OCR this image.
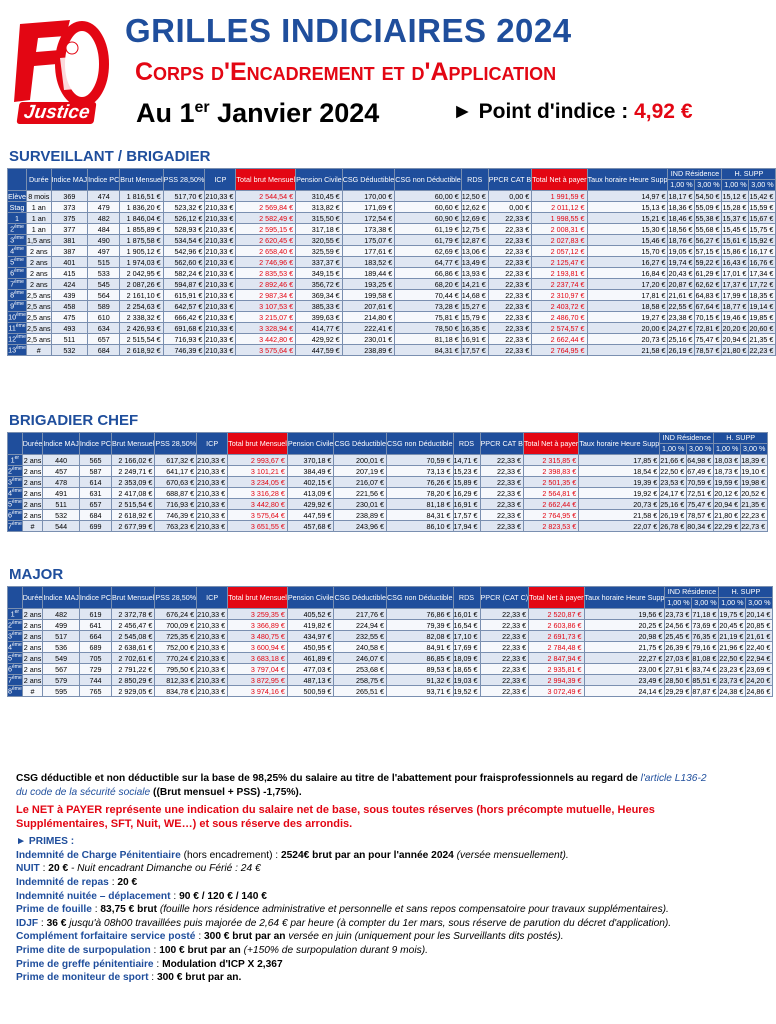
Justice
GRILLES INDICIAIRES 2024
Corps d'Encadrement et d'Application
Au 1er Janvier 2024	► Point d'indice : 4,92 €
SURVEILLANT / BRIGADIER
	Durée	Indice MAJ	Indice PC	Brut Mensuel	PSS 28,50%	ICP	Total brut Mensuel	Pension Civile	CSG Déductible	CSG non Déductible	RDS	PPCR CAT B	Total Net à payer	Taux horaire Heure Supp	IND Résidence		H. SUPP	
															1,00 %	3,00 %	1,00 %	3,00 %
Elève	8 mois	369	474	1 816,51 €	517,70 €	210,33 €	2 544,54 €	310,45 €	170,00 €	60,00 €	12,50 €	0,00 €	1 991,59 €	14,97 €	18,17 €	54,50 €	15,12 €	15,42 €
Stag	1 an	373	479	1 836,20 €	523,32 €	210,33 €	2 569,84 €	313,82 €	171,69 €	60,60 €	12,62 €	0,00 €	2 011,12 €	15,13 €	18,36 €	55,09 €	15,28 €	15,59 €
1	1 an	375	482	1 846,04 €	526,12 €	210,33 €	2 582,49 €	315,50 €	172,54 €	60,90 €	12,69 €	22,33 €	1 998,55 €	15,21 €	18,46 €	55,38 €	15,37 €	15,67 €
2ème	1 an	377	484	1 855,89 €	528,93 €	210,33 €	2 595,15 €	317,18 €	173,38 €	61,19 €	12,75 €	22,33 €	2 008,31 €	15,30 €	18,56 €	55,68 €	15,45 €	15,75 €
3ème	1,5 ans	381	490	1 875,58 €	534,54 €	210,33 €	2 620,45 €	320,55 €	175,07 €	61,79 €	12,87 €	22,33 €	2 027,83 €	15,46 €	18,76 €	56,27 €	15,61 €	15,92 €
4ème	2 ans	387	497	1 905,12 €	542,96 €	210,33 €	2 658,40 €	325,59 €	177,61 €	62,69 €	13,06 €	22,33 €	2 057,12 €	15,70 €	19,05 €	57,15 €	15,86 €	16,17 €
5ème	2 ans	401	515	1 974,03 €	562,60 €	210,33 €	2 746,96 €	337,37 €	183,52 €	64,77 €	13,49 €	22,33 €	2 125,47 €	16,27 €	19,74 €	59,22 €	16,43 €	16,76 €
6ème	2 ans	415	533	2 042,95 €	582,24 €	210,33 €	2 835,53 €	349,15 €	189,44 €	66,86 €	13,93 €	22,33 €	2 193,81 €	16,84 €	20,43 €	61,29 €	17,01 €	17,34 €
7ème	2 ans	424	545	2 087,26 €	594,87 €	210,33 €	2 892,46 €	356,72 €	193,25 €	68,20 €	14,21 €	22,33 €	2 237,74 €	17,20 €	20,87 €	62,62 €	17,37 €	17,72 €
8ème	2,5 ans	439	564	2 161,10 €	615,91 €	210,33 €	2 987,34 €	369,34 €	199,58 €	70,44 €	14,68 €	22,33 €	2 310,97 €	17,81 €	21,61 €	64,83 €	17,99 €	18,35 €
9ème	2,5 ans	458	589	2 254,63 €	642,57 €	210,33 €	3 107,53 €	385,33 €	207,61 €	73,28 €	15,27 €	22,33 €	2 403,72 €	18,58 €	22,55 €	67,64 €	18,77 €	19,14 €
10ème	2,5 ans	475	610	2 338,32 €	666,42 €	210,33 €	3 215,07 €	399,63 €	214,80 €	75,81 €	15,79 €	22,33 €	2 486,70 €	19,27 €	23,38 €	70,15 €	19,46 €	19,85 €
11ème	2,5 ans	493	634	2 426,93 €	691,68 €	210,33 €	3 328,94 €	414,77 €	222,41 €	78,50 €	16,35 €	22,33 €	2 574,57 €	20,00 €	24,27 €	72,81 €	20,20 €	20,60 €
12ème	2,5 ans	511	657	2 515,54 €	716,93 €	210,33 €	3 442,80 €	429,92 €	230,01 €	81,18 €	16,91 €	22,33 €	2 662,44 €	20,73 €	25,16 €	75,47 €	20,94 €	21,35 €
13ème	#	532	684	2 618,92 €	746,39 €	210,33 €	3 575,64 €	447,59 €	238,89 €	84,31 €	17,57 €	22,33 €	2 764,95 €	21,58 €	26,19 €	78,57 €	21,80 €	22,23 €
BRIGADIER CHEF
	Durée	Indice MAJ	Indice PC	Brut Mensuel	PSS 28,50%	ICP	Total brut Mensuel	Pension Civile	CSG Déductible	CSG non Déductible	RDS	PPCR CAT B	Total Net à payer	Taux horaire Heure Supp	IND Résidence		H. SUPP	
															1,00 %	3,00 %	1,00 %	3,00 %
1er	2 ans	440	565	2 166,02 €	617,32 €	210,33 €	2 993,67 €	370,18 €	200,01 €	70,59 €	14,71 €	22,33 €	2 315,85 €	17,85 €	21,66 €	64,98 €	18,03 €	18,39 €
2ème	2 ans	457	587	2 249,71 €	641,17 €	210,33 €	3 101,21 €	384,49 €	207,19 €	73,13 €	15,23 €	22,33 €	2 398,83 €	18,54 €	22,50 €	67,49 €	18,73 €	19,10 €
3ème	2 ans	478	614	2 353,09 €	670,63 €	210,33 €	3 234,05 €	402,15 €	216,07 €	76,26 €	15,89 €	22,33 €	2 501,35 €	19,39 €	23,53 €	70,59 €	19,59 €	19,98 €
4ème	2 ans	491	631	2 417,08 €	688,87 €	210,33 €	3 316,28 €	413,09 €	221,56 €	78,20 €	16,29 €	22,33 €	2 564,81 €	19,92 €	24,17 €	72,51 €	20,12 €	20,52 €
5ème	2 ans	511	657	2 515,54 €	716,93 €	210,33 €	3 442,80 €	429,92 €	230,01 €	81,18 €	16,91 €	22,33 €	2 662,44 €	20,73 €	25,16 €	75,47 €	20,94 €	21,35 €
6ème	2 ans	532	684	2 618,92 €	746,39 €	210,33 €	3 575,64 €	447,59 €	238,89 €	84,31 €	17,57 €	22,33 €	2 764,95 €	21,58 €	26,19 €	78,57 €	21,80 €	22,23 €
7ème	#	544	699	2 677,99 €	763,23 €	210,33 €	3 651,55 €	457,68 €	243,96 €	86,10 €	17,94 €	22,33 €	2 823,53 €	22,07 €	26,78 €	80,34 €	22,29 €	22,73 €
MAJOR
	Durée	Indice MAJ	Indice PC	Brut Mensuel	PSS 28,50%	ICP	Total brut Mensuel	Pension Civile	CSG Déductible	CSG non Déductible	RDS	PPCR (CAT C)	Total Net à payer	Taux horaire Heure Supp	IND Résidence		H. SUPP	
															1,00 %	3,00 %	1,00 %	3,00 %
1er	2 ans	482	619	2 372,78 €	676,24 €	210,33 €	3 259,35 €	405,52 €	217,76 €	76,86 €	16,01 €	22,33 €	2 520,87 €	19,56 €	23,73 €	71,18 €	19,75 €	20,14 €
2ème	2 ans	499	641	2 456,47 €	700,09 €	210,33 €	3 366,89 €	419,82 €	224,94 €	79,39 €	16,54 €	22,33 €	2 603,86 €	20,25 €	24,56 €	73,69 €	20,45 €	20,85 €
3ème	2 ans	517	664	2 545,08 €	725,35 €	210,33 €	3 480,75 €	434,97 €	232,55 €	82,08 €	17,10 €	22,33 €	2 691,73 €	20,98 €	25,45 €	76,35 €	21,19 €	21,61 €
4ème	2 ans	536	689	2 638,61 €	752,00 €	210,33 €	3 600,94 €	450,95 €	240,58 €	84,91 €	17,69 €	22,33 €	2 784,48 €	21,75 €	26,39 €	79,16 €	21,96 €	22,40 €
5ème	2 ans	549	705	2 702,61 €	770,24 €	210,33 €	3 683,18 €	461,89 €	246,07 €	86,85 €	18,09 €	22,33 €	2 847,94 €	22,27 €	27,03 €	81,08 €	22,50 €	22,94 €
6ème	2 ans	567	729	2 791,22 €	795,50 €	210,33 €	3 797,04 €	477,03 €	253,68 €	89,53 €	18,65 €	22,33 €	2 935,81 €	23,00 €	27,91 €	83,74 €	23,23 €	23,69 €
7ème	2 ans	579	744	2 850,29 €	812,33 €	210,33 €	3 872,95 €	487,13 €	258,75 €	91,32 €	19,03 €	22,33 €	2 994,39 €	23,49 €	28,50 €	85,51 €	23,73 €	24,20 €
8ème	#	595	765	2 929,05 €	834,78 €	210,33 €	3 974,16 €	500,59 €	265,51 €	93,71 €	19,52 €	22,33 €	3 072,49 €	24,14 €	29,29 €	87,87 €	24,38 €	24,86 €

CSG déductible et non déductible sur la base de 98,25% du salaire au titre de l'abattement pour fraisprofessionnels au regard de l'article L136-2 du code de la sécurité sociale ((Brut mensuel + PSS) -1,75%).

Le NET à PAYER représente une indication du salaire net de base, sous toutes réserves (hors précompte mutuelle, Heures Supplémentaires, SFT, Nuit, WE…) et sous réserve des arrondis.

► PRIMES :

Indemnité de Charge Pénitentiaire (hors encadrement) : 2524€ brut par an pour l'année 2024 (versée mensuellement).

NUIT : 20 € - Nuit encadrant Dimanche ou Férié : 24 €

Indemnité de repas : 20 €

Indemnité nuitée – déplacement : 90 € / 120 € / 140 €

Prime de fouille : 83,75 € brut (fouille hors résidence administrative et personnelle et sans repos compensatoire pour travaux supplémentaires).

IDJF : 36 € jusqu'à 08h00 travaillées puis majorée de 2,64 € par heure (à compter du 1er mars, sous réserve de parution du décret d'application).

Complément forfaitaire service posté : 300 € brut par an versée en juin (uniquement pour les Surveillants dits postés).

Prime dite de surpopulation : 100 € brut par an (+150% de surpopulation durant 9 mois).

Prime de greffe pénitentiaire : Modulation d'ICP X 2,367

Prime de moniteur de sport : 300 € brut par an.
